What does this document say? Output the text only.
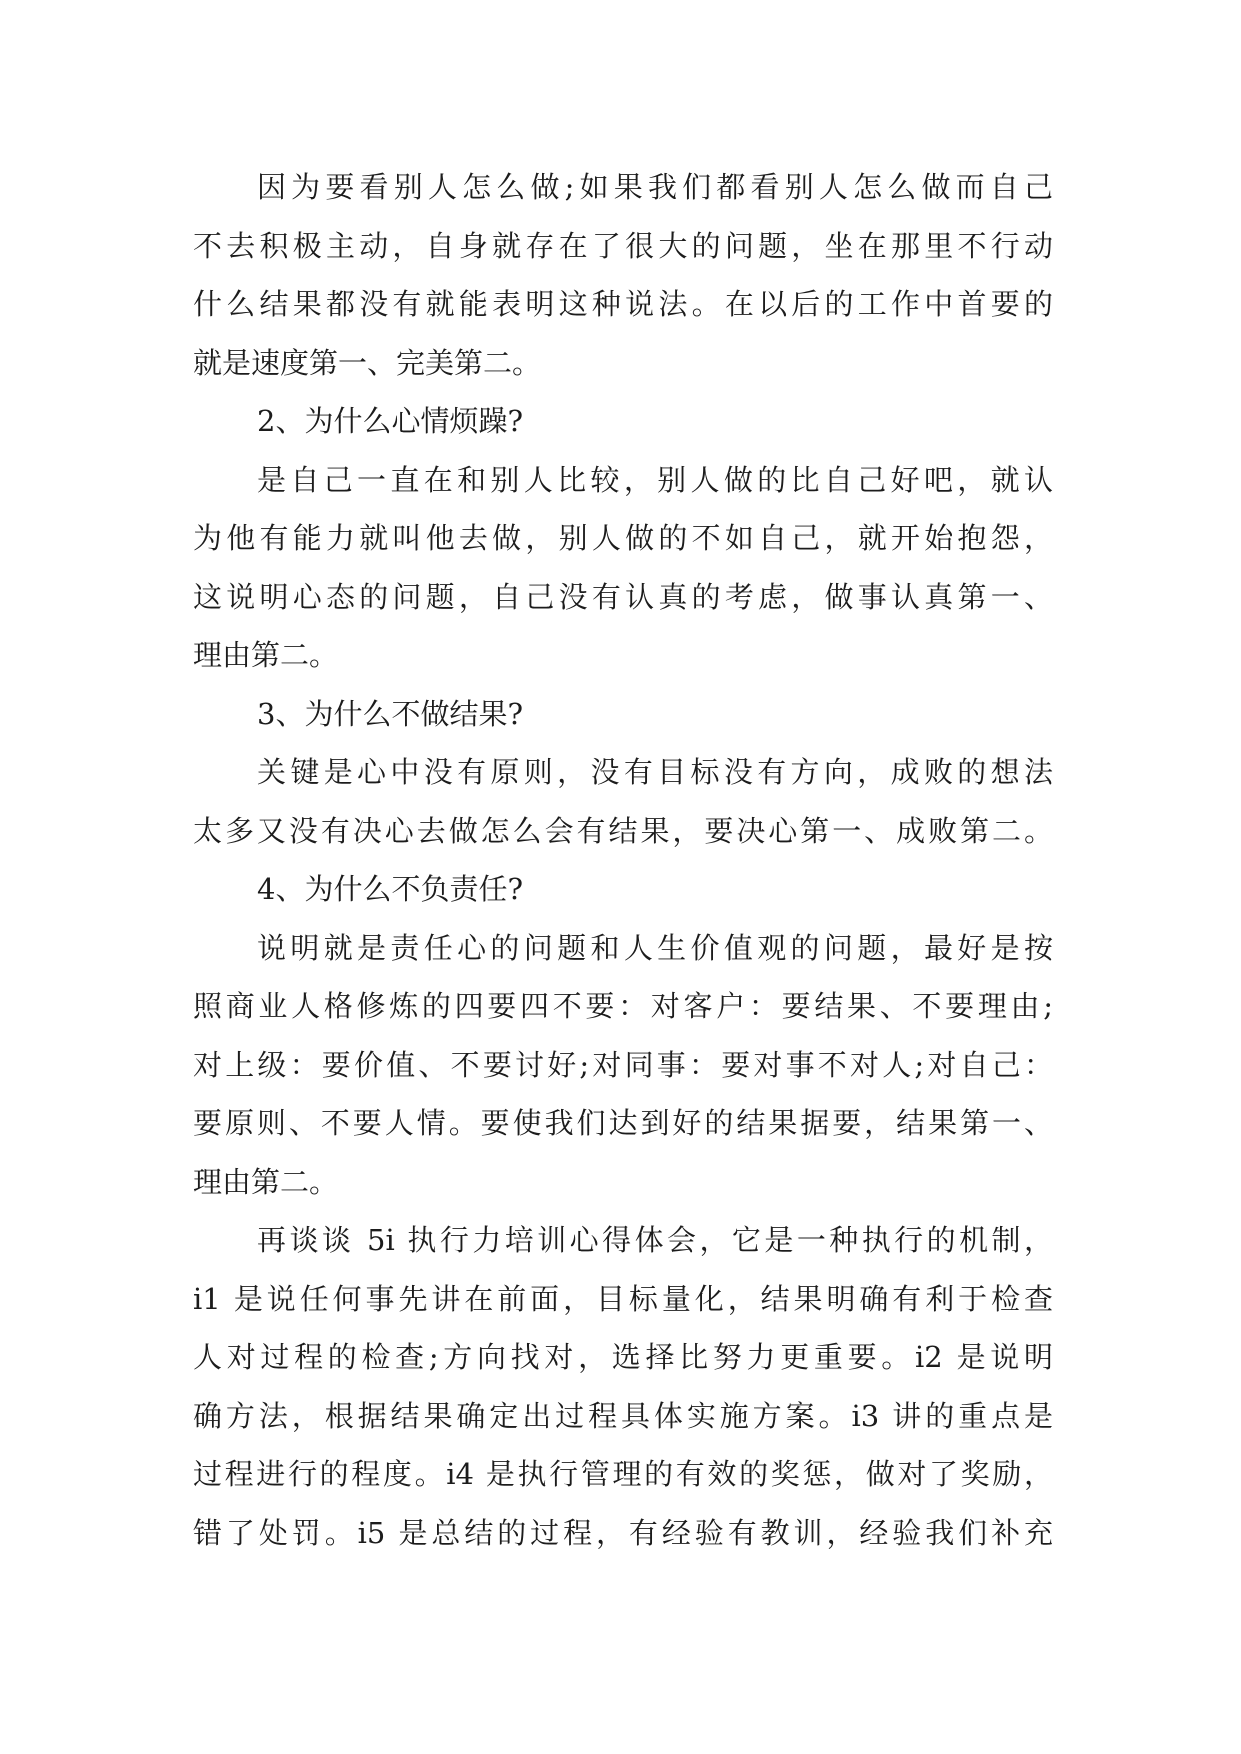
因为要看别人怎么做;如果我们都看别人怎么做而自己
不去积极主动，自身就存在了很大的问题，坐在那里不行动
什么结果都没有就能表明这种说法。在以后的工作中首要的
就是速度第一、完美第二。
2、为什么心情烦躁?
是自己一直在和别人比较，别人做的比自己好吧，就认
为他有能力就叫他去做，别人做的不如自己，就开始抱怨，
这说明心态的问题，自己没有认真的考虑，做事认真第一、
理由第二。
3、为什么不做结果?
关键是心中没有原则，没有目标没有方向，成败的想法
太多又没有决心去做怎么会有结果，要决心第一、成败第二。
4、为什么不负责任?
说明就是责任心的问题和人生价值观的问题，最好是按
照商业人格修炼的四要四不要：对客户：要结果、不要理由;
对上级：要价值、不要讨好;对同事：要对事不对人;对自己：
要原则、不要人情。要使我们达到好的结果据要，结果第一、
理由第二。
再谈谈 5i 执行力培训心得体会，它是一种执行的机制，
i1 是说任何事先讲在前面，目标量化，结果明确有利于检查
人对过程的检查;方向找对，选择比努力更重要。i2 是说明
确方法，根据结果确定出过程具体实施方案。i3 讲的重点是
过程进行的程度。i4 是执行管理的有效的奖惩，做对了奖励，
错了处罚。i5 是总结的过程，有经验有教训，经验我们补充
